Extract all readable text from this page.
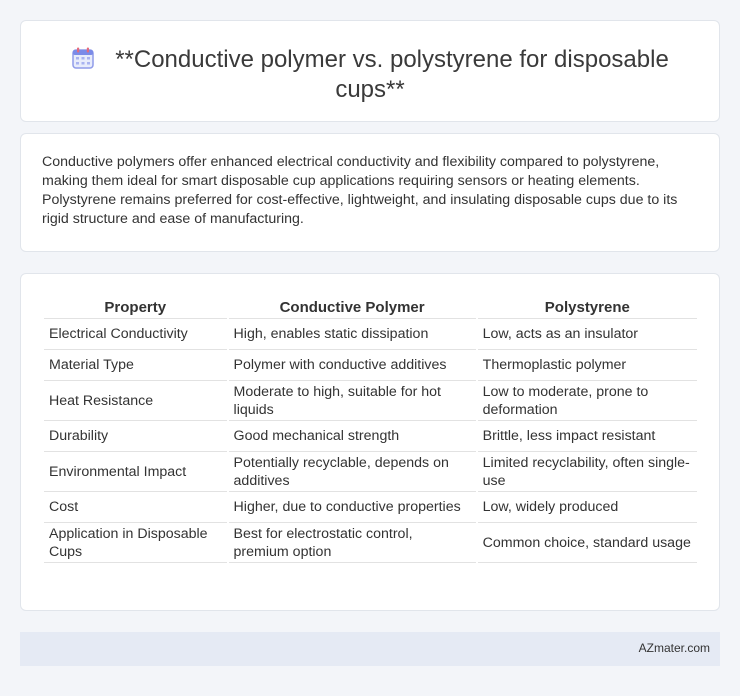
**Conductive polymer vs. polystyrene for disposable cups**

Conductive polymers offer enhanced electrical conductivity and flexibility compared to polystyrene, making them ideal for smart disposable cup applications requiring sensors or heating elements. Polystyrene remains preferred for cost-effective, lightweight, and insulating disposable cups due to its rigid structure and ease of manufacturing.

Property	Conductive Polymer	Polystyrene
Electrical Conductivity	High, enables static dissipation	Low, acts as an insulator
Material Type	Polymer with conductive additives	Thermoplastic polymer
Heat Resistance	Moderate to high, suitable for hot liquids	Low to moderate, prone to deformation
Durability	Good mechanical strength	Brittle, less impact resistant
Environmental Impact	Potentially recyclable, depends on additives	Limited recyclability, often single-use
Cost	Higher, due to conductive properties	Low, widely produced
Application in Disposable Cups	Best for electrostatic control, premium option	Common choice, standard usage
AZmater.com
